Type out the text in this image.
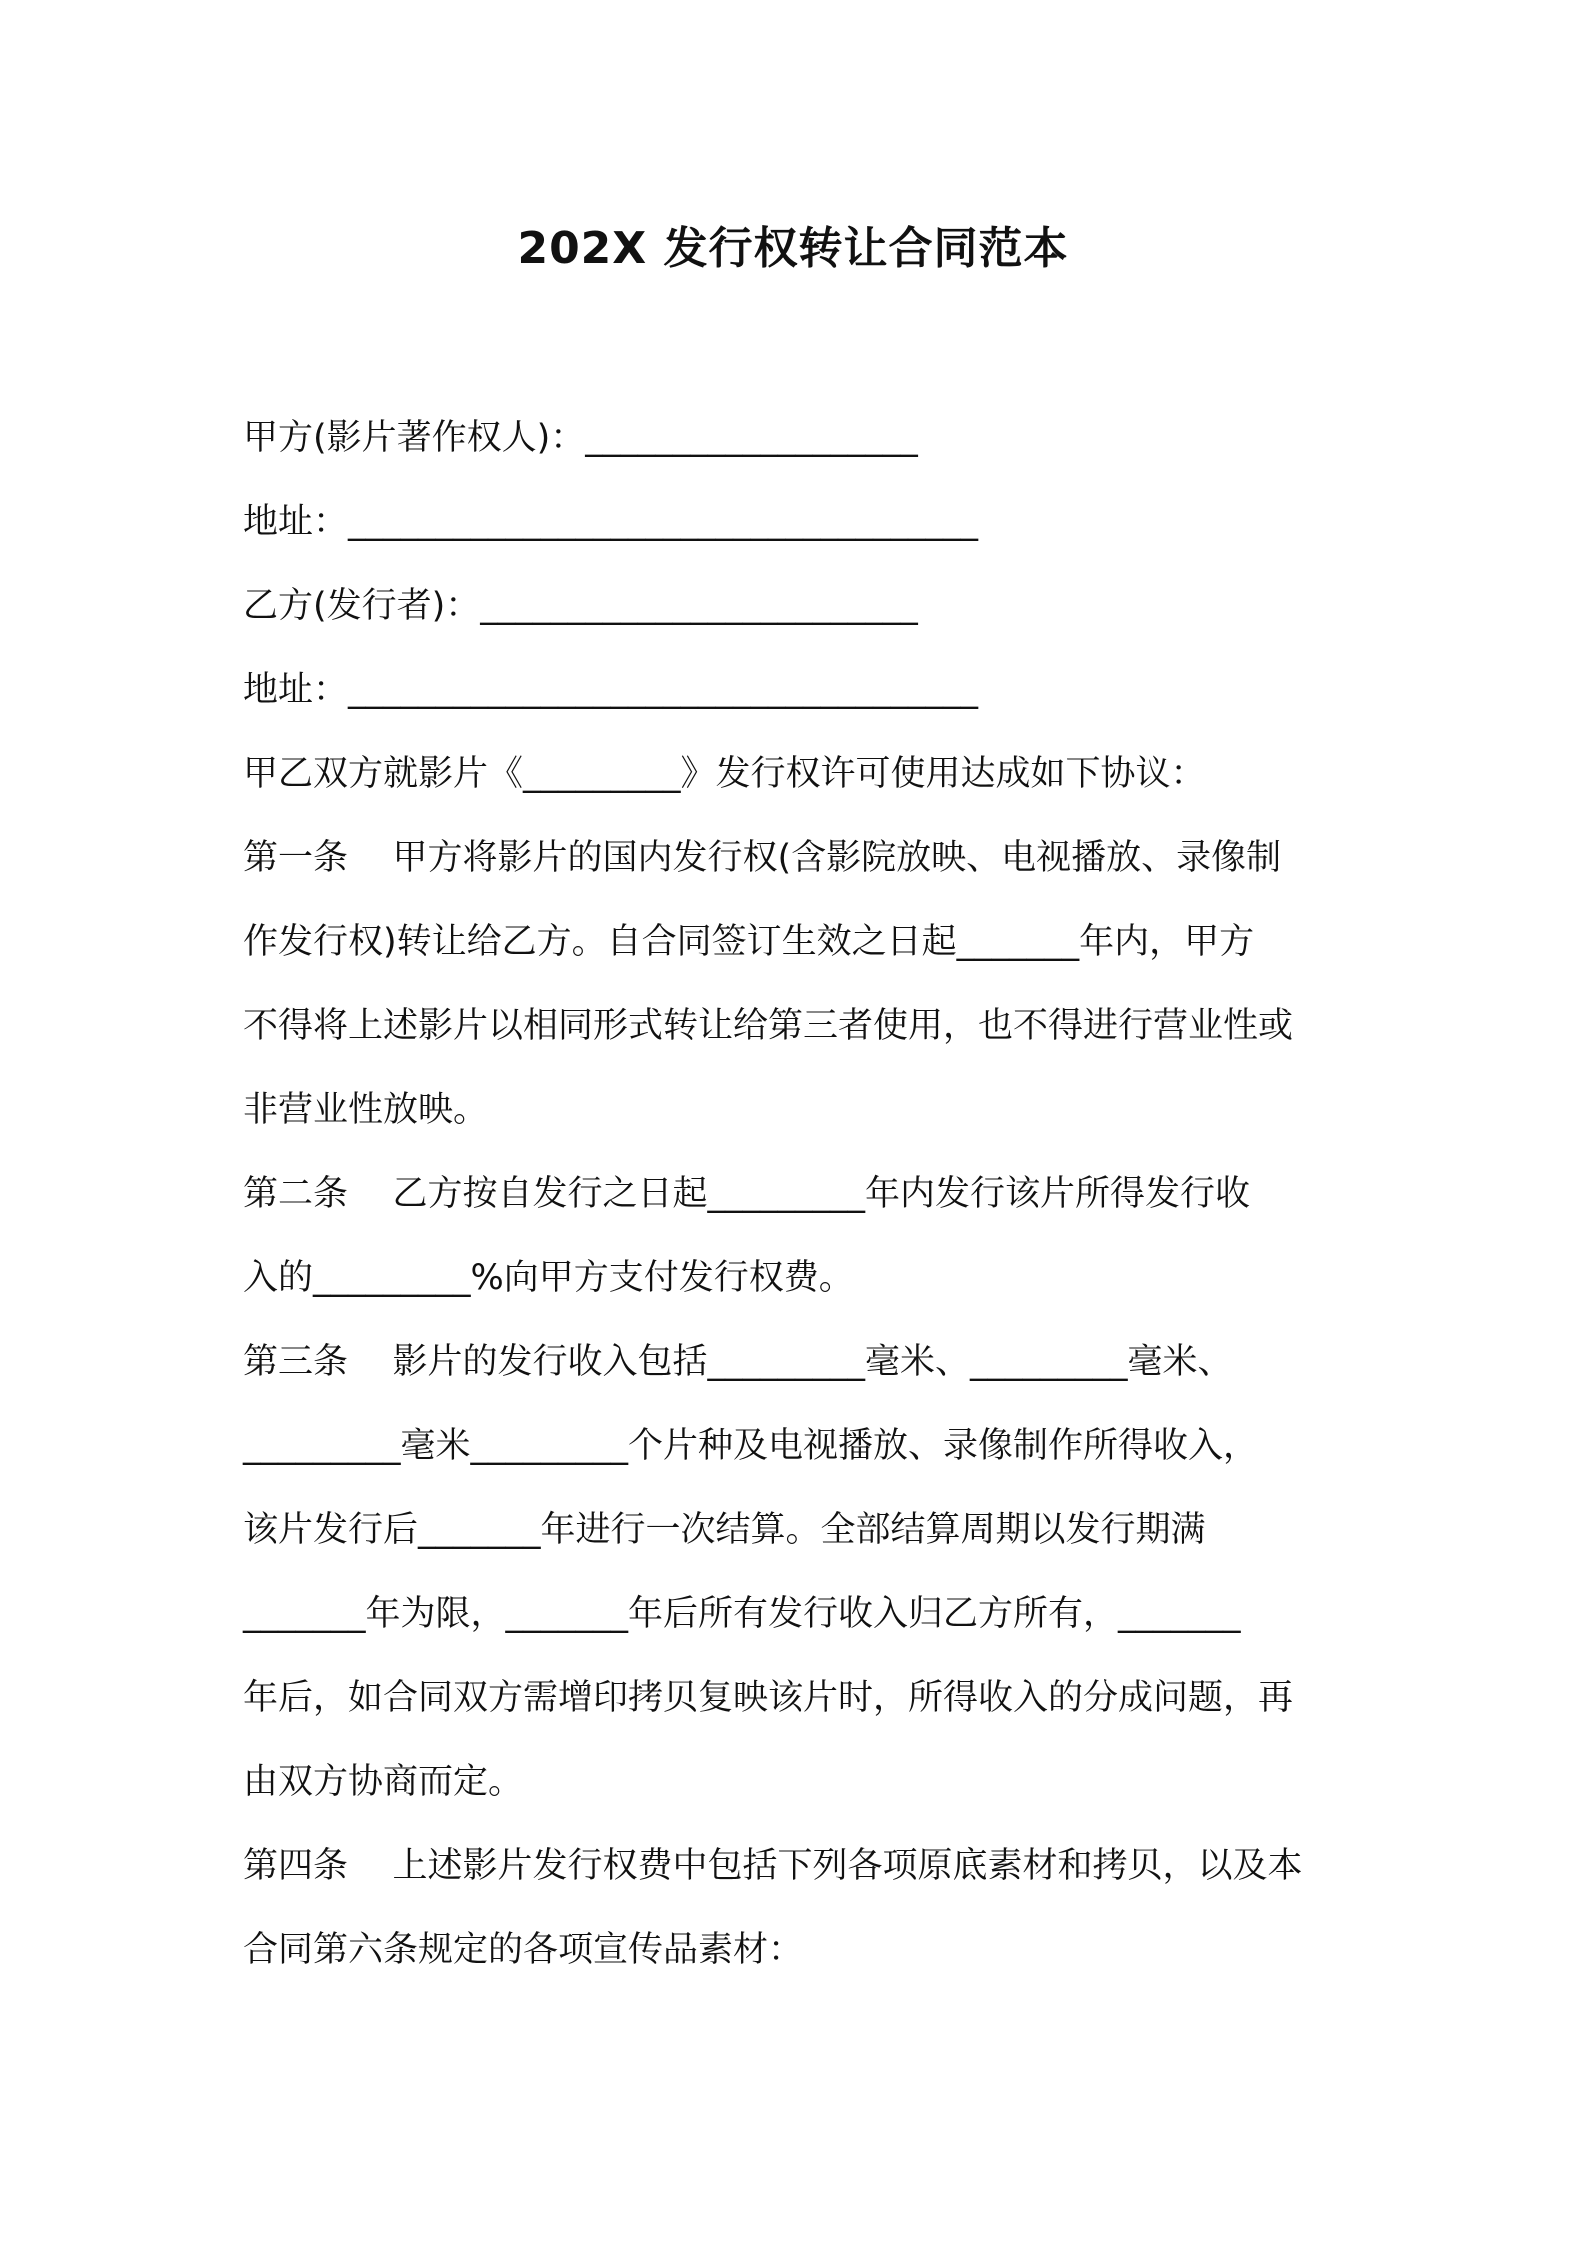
202X 发行权转让合同范本
甲方(影片著作权人)：___________________
地址：____________________________________
乙方(发行者)：_________________________
地址：____________________________________
甲乙双方就影片《_________》发行权许可使用达成如下协议：
第一条    甲方将影片的国内发行权(含影院放映、电视播放、录像制
作发行权)转让给乙方。自合同签订生效之日起_______年内，甲方
不得将上述影片以相同形式转让给第三者使用，也不得进行营业性或
非营业性放映。
第二条    乙方按自发行之日起_________年内发行该片所得发行收
入的_________%向甲方支付发行权费。
第三条    影片的发行收入包括_________毫米、_________毫米、
_________毫米_________个片种及电视播放、录像制作所得收入，
该片发行后_______年进行一次结算。全部结算周期以发行期满
_______年为限，_______年后所有发行收入归乙方所有，_______
年后，如合同双方需增印拷贝复映该片时，所得收入的分成问题，再
由双方协商而定。
第四条    上述影片发行权费中包括下列各项原底素材和拷贝，以及本
合同第六条规定的各项宣传品素材：
